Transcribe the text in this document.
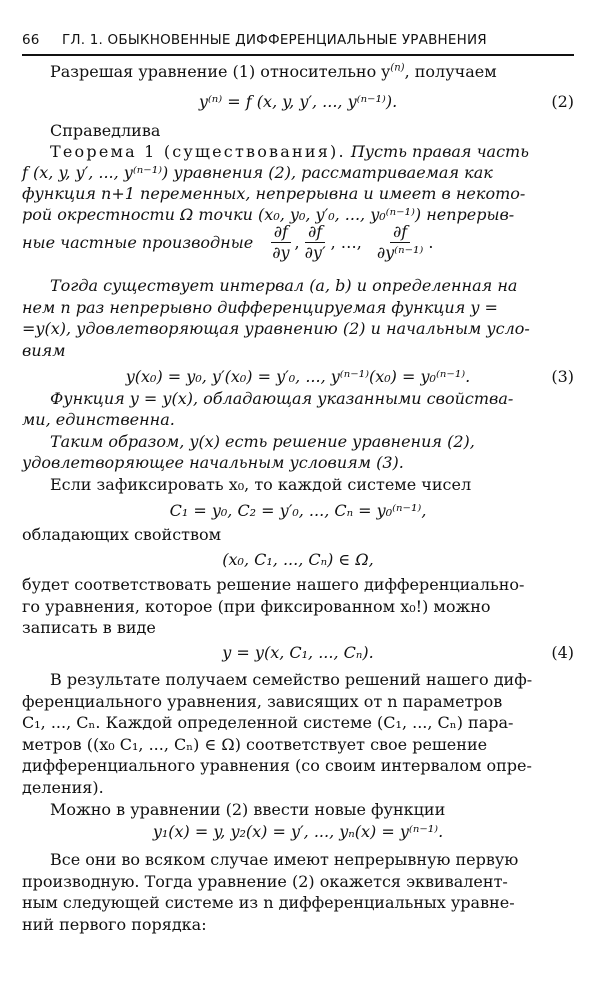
66 ГЛ. 1. ОБЫКНОВЕННЫЕ ДИФФЕРЕНЦИАЛЬНЫЕ УРАВНЕНИЯ
Разрешая уравнение (1) относительно $y^{(n)}$, получаем
y⁽ⁿ⁾ = f (x, y, y′, ..., y⁽ⁿ⁻¹⁾).	(2)
Справедлива
Теорема 1 (существования). Пусть правая часть
f (x, y, y′, ..., y⁽ⁿ⁻¹⁾) уравнения (2), рассматриваемая как
функция n+1 переменных, непрерывна и имеет в некото-
рой окрестности Ω точки (x₀, y₀, y′₀, ..., y₀⁽ⁿ⁻¹⁾) непрерыв-
ные частные производные $\frac{\partial f}{\partial y}$ , $\frac{\partial f}{\partial y'}$ , …, $\frac{\partial f}{\text{∂y⁽ⁿ⁻¹⁾}}$ .
Тогда существует интервал (a, b) и определенная на
нем n раз непрерывно дифференцируемая функция y =
=y(x), удовлетворяющая уравнению (2) и начальным усло-
виям
y(x₀) = y₀, y′(x₀) = y′₀, ..., y⁽ⁿ⁻¹⁾(x₀) = y₀⁽ⁿ⁻¹⁾.	(3)
Функция y = y(x), обладающая указанными свойства-
ми, единственна.
Таким образом, y(x) есть решение уравнения (2),
удовлетворяющее начальным условиям (3).
Если зафиксировать x₀, то каждой системе чисел
C₁ = y₀, C₂ = y′₀, ..., Cₙ = y₀⁽ⁿ⁻¹⁾,
обладающих свойством
(x₀, C₁, ..., Cₙ) ∈ Ω,
будет соответствовать решение нашего дифференциально-
го уравнения, которое (при фиксированном x₀!) можно
записать в виде
y = y(x, C₁, ..., Cₙ).	(4)
В результате получаем семейство решений нашего диф-
ференциального уравнения, зависящих от n параметров
C₁, ..., Cₙ. Каждой определенной системе (C₁, ..., Cₙ) пара-
метров ((x₀ C₁, ..., Cₙ) ∈ Ω) соответствует свое решение
дифференциального уравнения (со своим интервалом опре-
деления).
Можно в уравнении (2) ввести новые функции
y₁(x) = y, y₂(x) = y′, ..., yₙ(x) = y⁽ⁿ⁻¹⁾.
Все они во всяком случае имеют непрерывную первую
производную. Тогда уравнение (2) окажется эквивалент-
ным следующей системе из n дифференциальных уравне-
ний первого порядка:
